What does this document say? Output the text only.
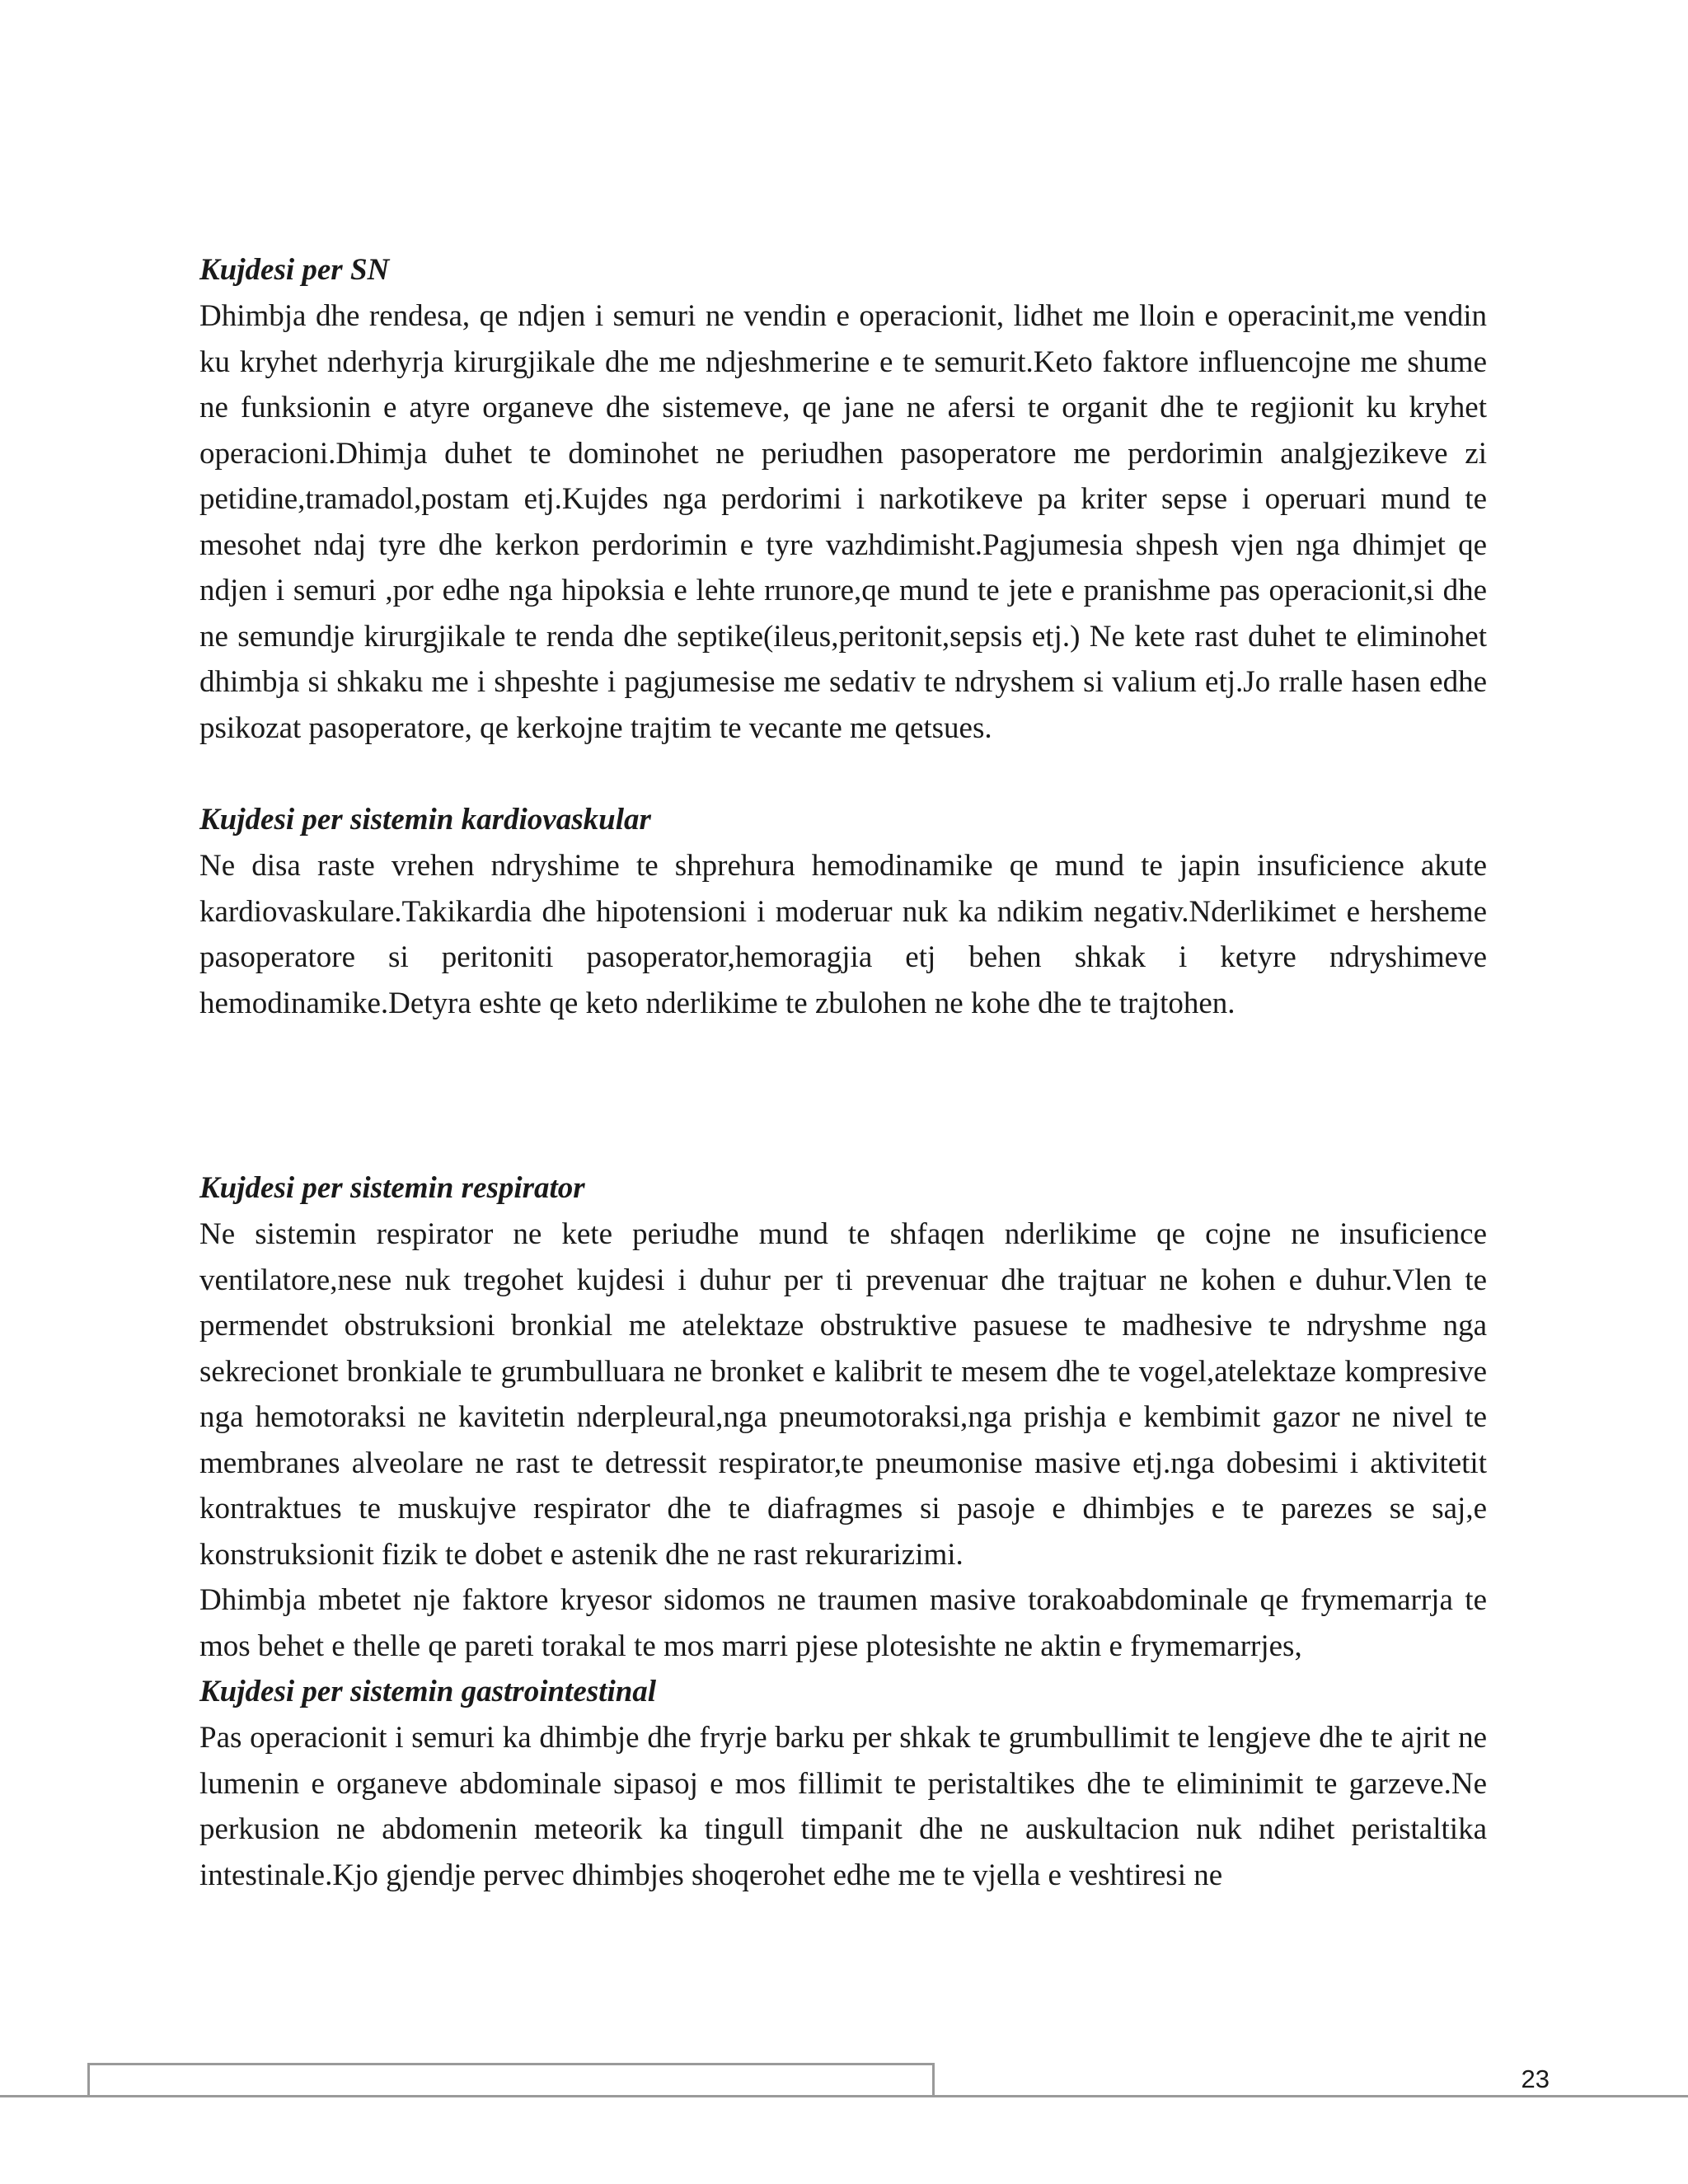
Kujdesi per SN

Dhimbja dhe rendesa, qe ndjen i semuri ne vendin e operacionit, lidhet me lloin e operacinit,me vendin ku kryhet nderhyrja kirurgjikale dhe me ndjeshmerine e te semurit.Keto faktore influencojne me shume ne funksionin e atyre organeve dhe sistemeve, qe jane ne afersi te organit dhe te regjionit ku kryhet operacioni.Dhimja duhet te dominohet ne periudhen pasoperatore me perdorimin analgjezikeve zi petidine,tramadol,postam etj.Kujdes nga perdorimi i narkotikeve pa kriter sepse i operuari mund te mesohet ndaj tyre dhe kerkon perdorimin e tyre vazhdimisht.Pagjumesia shpesh vjen nga dhimjet qe ndjen i semuri ,por edhe nga hipoksia e lehte rrunore,qe mund te jete e pranishme pas operacionit,si dhe ne semundje kirurgjikale te renda dhe septike(ileus,peritonit,sepsis etj.) Ne kete rast duhet te eliminohet dhimbja si shkaku me i shpeshte i pagjumesise me sedativ te ndryshem si valium etj.Jo rralle hasen edhe psikozat pasoperatore, qe kerkojne trajtim te vecante me qetsues.

Kujdesi per sistemin kardiovaskular

Ne disa raste vrehen ndryshime te shprehura hemodinamike qe mund te japin insuficience akute kardiovaskulare.Takikardia dhe hipotensioni i moderuar nuk ka ndikim negativ.Nderlikimet e hersheme pasoperatore si peritoniti pasoperator,hemoragjia etj behen shkak i ketyre ndryshimeve hemodinamike.Detyra eshte qe keto nderlikime te zbulohen ne kohe dhe te trajtohen.

Kujdesi per sistemin respirator

Ne sistemin respirator ne kete periudhe mund te shfaqen nderlikime qe cojne ne insuficience ventilatore,nese nuk tregohet kujdesi i duhur per ti prevenuar dhe trajtuar ne kohen e duhur.Vlen te permendet obstruksioni bronkial me atelektaze obstruktive pasuese te madhesive te ndryshme nga sekrecionet bronkiale te grumbulluara ne bronket e kalibrit te mesem dhe te vogel,atelektaze kompresive nga hemotoraksi ne kavitetin nderpleural,nga pneumotoraksi,nga prishja e kembimit gazor ne nivel te membranes alveolare ne rast te detressit respirator,te pneumonise masive etj.nga dobesimi i aktivitetit kontraktues te muskujve respirator dhe te diafragmes si pasoje e dhimbjes e te parezes se saj,e konstruksionit fizik te dobet e astenik dhe ne rast rekurarizimi.

Dhimbja mbetet nje faktore kryesor sidomos ne traumen masive torakoabdominale qe frymemarrja te mos behet e thelle qe pareti torakal te mos marri pjese plotesishte ne aktin e frymemarrjes,

Kujdesi per sistemin gastrointestinal

Pas operacionit i semuri ka dhimbje dhe fryrje barku per shkak te grumbullimit te lengjeve dhe te ajrit ne lumenin e organeve abdominale sipasoj e mos fillimit te peristaltikes dhe te eliminimit te garzeve.Ne perkusion ne abdomenin meteorik ka tingull timpanit dhe ne auskultacion nuk ndihet peristaltika intestinale.Kjo gjendje pervec dhimbjes shoqerohet edhe me te vjella e veshtiresi ne

23
